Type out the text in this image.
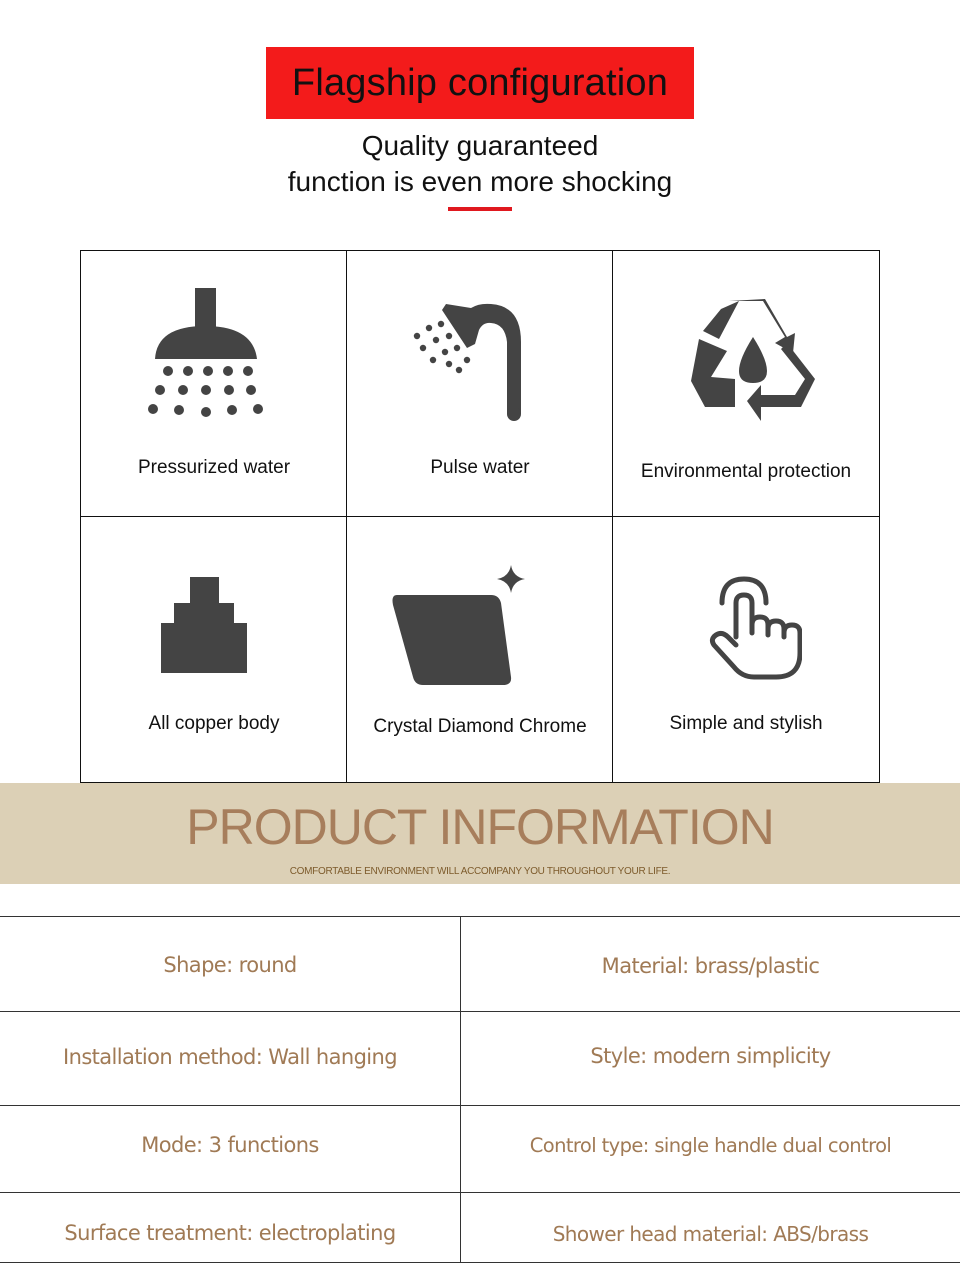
Flagship configuration
Quality guaranteed
function is even more shocking
Pressurized water	Pulse water	Environmental protection
All copper body	Crystal Diamond Chrome	Simple and stylish
PRODUCT INFORMATION
COMFORTABLE ENVIRONMENT WILL ACCOMPANY YOU THROUGHOUT YOUR LIFE.
Shape: round	Material: brass/plastic
Installation method: Wall hanging	Style: modern simplicity
Mode: 3 functions	Control type: single handle dual control
Surface treatment: electroplating	Shower head material: ABS/brass
